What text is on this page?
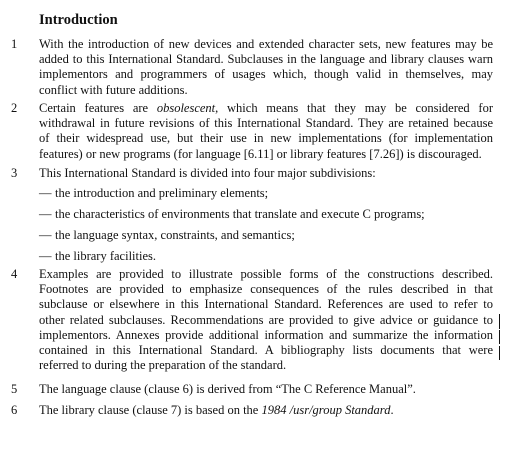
Introduction
1 With the introduction of new devices and extended character sets, new features may be
added to this International Standard. Subclauses in the language and library clauses warn
implementors and programmers of usages which, though valid in themselves, may
conflict with future additions.
2 Certain features are obsolescent, which means that they may be considered for
withdrawal in future revisions of this International Standard. They are retained because
of their widespread use, but their use in new implementations (for implementation
features) or new programs (for language [6.11] or library features [7.26]) is discouraged.
3 This International Standard is divided into four major subdivisions:
— the introduction and preliminary elements;
— the characteristics of environments that translate and execute C programs;
— the language syntax, constraints, and semantics;
— the library facilities.
4 Examples are provided to illustrate possible forms of the constructions described.
Footnotes are provided to emphasize consequences of the rules described in that
subclause or elsewhere in this International Standard. References are used to refer to
other related subclauses. Recommendations are provided to give advice or guidance to
implementors. Annexes provide additional information and summarize the information
contained in this International Standard. A bibliography lists documents that were
referred to during the preparation of the standard.
5 The language clause (clause 6) is derived from “The C Reference Manual”.
6 The library clause (clause 7) is based on the 1984 /usr/group Standard.
